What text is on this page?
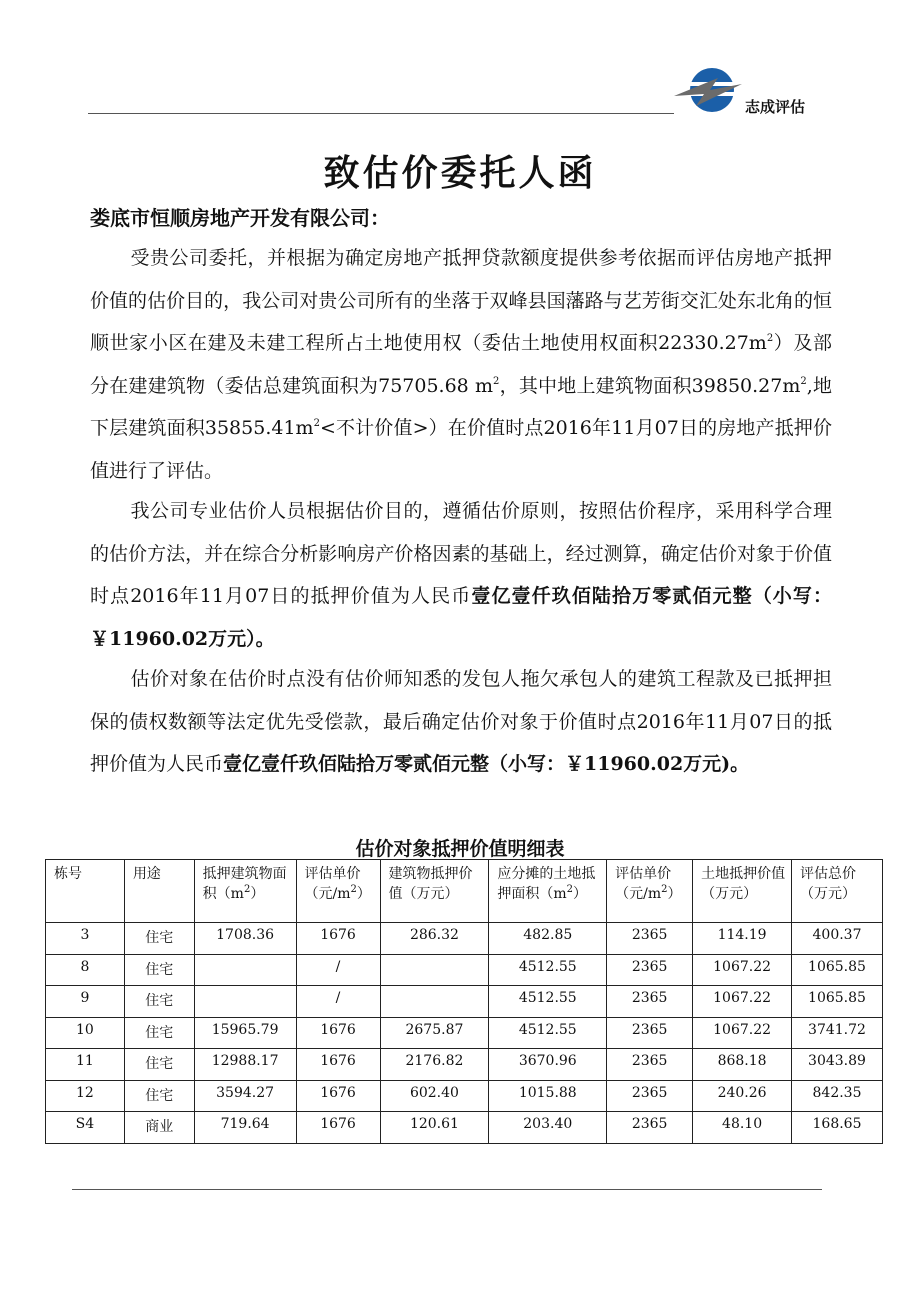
志成评估
致估价委托人函
娄底市恒顺房地产开发有限公司：
受贵公司委托，并根据为确定房地产抵押贷款额度提供参考依据而评估房地产抵押价值的估价目的，我公司对贵公司所有的坐落于双峰县国藩路与艺芳街交汇处东北角的恒顺世家小区在建及未建工程所占土地使用权（委估土地使用权面积$22330.27m^2$）及部分在建建筑物（委估总建筑面积为75705.68 $m^2$，其中地上建筑物面积$39850.27m^2$,地下层建筑面积$35855.41m^2<$不计价值>）在价值时点2016年11月07日的房地产抵押价值进行了评估。
我公司专业估价人员根据估价目的，遵循估价原则，按照估价程序，采用科学合理的估价方法，并在综合分析影响房产价格因素的基础上，经过测算，确定估价对象于价值时点2016年11月07日的抵押价值为人民币壹亿壹仟玖佰陆拾万零贰佰元整（小写：￥11960.02万元）。
估价对象在估价时点没有估价师知悉的发包人拖欠承包人的建筑工程款及已抵押担保的债权数额等法定优先受偿款，最后确定估价对象于价值时点2016年11月07日的抵押价值为人民币壹亿壹仟玖佰陆拾万零贰佰元整（小写：￥11960.02万元)。
估价对象抵押价值明细表
栋号	用途	抵押建筑物面积$(m^2)$	评估单价（元$/m^2$）	建筑物抵押价值（万元）	应分摊的土地抵押面积$(m^2)$	评估单价（元$/m^2$）	土地抵押价值（万元）	评估总价（万元）
3	住宅	1708.36	1676	286.32	482.85	2365	114.19	400.37
8	住宅		/		4512.55	2365	1067.22	1065.85
9	住宅		/		4512.55	2365	1067.22	1065.85
10	住宅	15965.79	1676	2675.87	4512.55	2365	1067.22	3741.72
11	住宅	12988.17	1676	2176.82	3670.96	2365	868.18	3043.89
12	住宅	3594.27	1676	602.40	1015.88	2365	240.26	842.35
S4	商业	719.64	1676	120.61	203.40	2365	48.10	168.65
